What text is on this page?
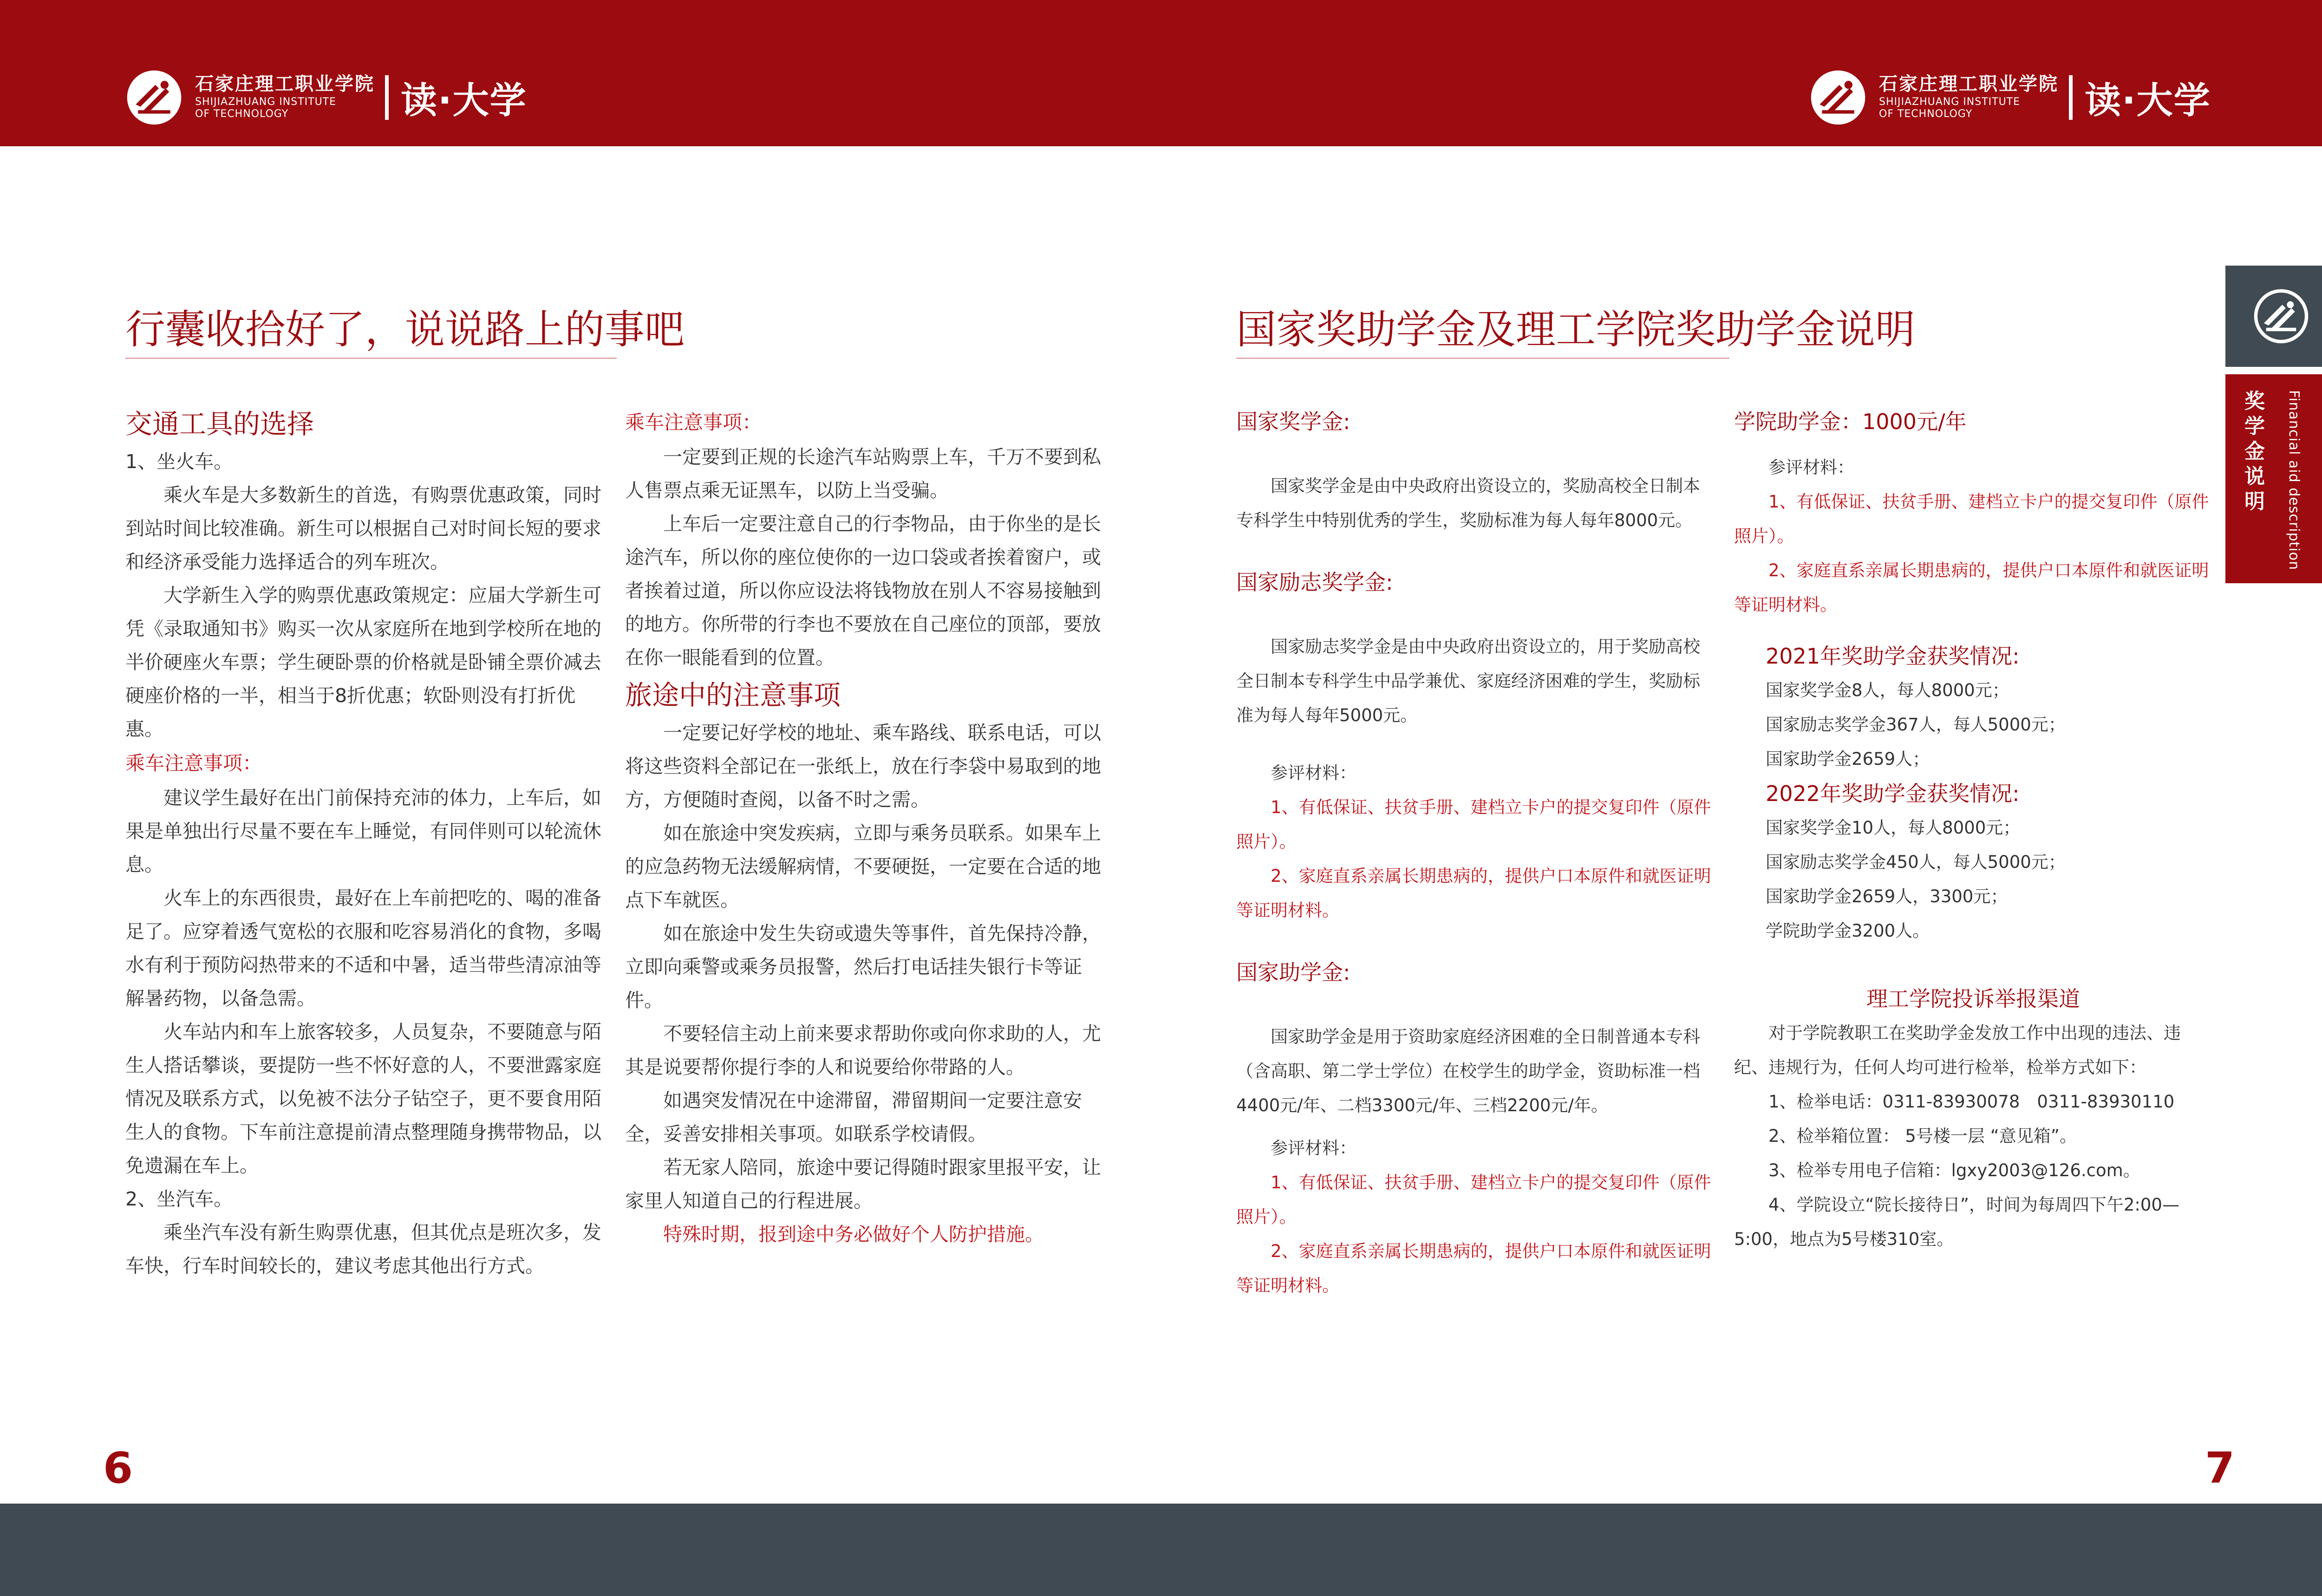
石家庄理工职业学院
SHIJIAZHUANG INSTITUTE
OF TECHNOLOGY	读·大学	石家庄理工职业学院
SHIJIAZHUANG INSTITUTE
OF TECHNOLOGY	读·大学
行囊收拾好了，说说路上的事吧

交通工具的选择

1、坐火车。

乘火车是大多数新生的首选，有购票优惠政策，同时到站时间比较准确。新生可以根据自己对时间长短的要求和经济承受能力选择适合的列车班次。

大学新生入学的购票优惠政策规定：应届大学新生可凭《录取通知书》购买一次从家庭所在地到学校所在地的半价硬座火车票；学生硬卧票的价格就是卧铺全票价减去硬座价格的一半，相当于8折优惠；软卧则没有打折优惠。

乘车注意事项：

建议学生最好在出门前保持充沛的体力，上车后，如果是单独出行尽量不要在车上睡觉，有同伴则可以轮流休息。

火车上的东西很贵，最好在上车前把吃的、喝的准备足了。应穿着透气宽松的衣服和吃容易消化的食物，多喝水有利于预防闷热带来的不适和中暑，适当带些清凉油等解暑药物，以备急需。

火车站内和车上旅客较多，人员复杂，不要随意与陌生人搭话攀谈，要提防一些不怀好意的人，不要泄露家庭情况及联系方式，以免被不法分子钻空子，更不要食用陌生人的食物。下车前注意提前清点整理随身携带物品，以免遗漏在车上。

2、坐汽车。

乘坐汽车没有新生购票优惠，但其优点是班次多，发车快，行车时间较长的，建议考虑其他出行方式。

乘车注意事项：

一定要到正规的长途汽车站购票上车，千万不要到私人售票点乘无证黑车，以防上当受骗。

上车后一定要注意自己的行李物品，由于你坐的是长途汽车，所以你的座位使你的一边口袋或者挨着窗户，或者挨着过道，所以你应设法将钱物放在别人不容易接触到的地方。你所带的行李也不要放在自己座位的顶部，要放在你一眼能看到的位置。

旅途中的注意事项

一定要记好学校的地址、乘车路线、联系电话，可以将这些资料全部记在一张纸上，放在行李袋中易取到的地方，方便随时查阅，以备不时之需。

如在旅途中突发疾病，立即与乘务员联系。如果车上的应急药物无法缓解病情，不要硬挺，一定要在合适的地点下车就医。

如在旅途中发生失窃或遗失等事件，首先保持冷静，立即向乘警或乘务员报警，然后打电话挂失银行卡等证件。

不要轻信主动上前来要求帮助你或向你求助的人，尤其是说要帮你提行李的人和说要给你带路的人。

如遇突发情况在中途滞留，滞留期间一定要注意安全，妥善安排相关事项。如联系学校请假。

若无家人陪同，旅途中要记得随时跟家里报平安，让家里人知道自己的行程进展。

特殊时期，报到途中务必做好个人防护措施。

6
国家奖助学金及理工学院奖助学金说明

国家奖学金:

国家奖学金是由中央政府出资设立的，奖励高校全日制本专科学生中特别优秀的学生，奖励标准为每人每年8000元。

国家励志奖学金:

国家励志奖学金是由中央政府出资设立的，用于奖励高校全日制本专科学生中品学兼优、家庭经济困难的学生，奖励标准为每人每年5000元。

参评材料：

1、有低保证、扶贫手册、建档立卡户的提交复印件（原件照片）。

2、家庭直系亲属长期患病的，提供户口本原件和就医证明等证明材料。

国家助学金:

国家助学金是用于资助家庭经济困难的全日制普通本专科（含高职、第二学士学位）在校学生的助学金，资助标准一档4400元/年、二档3300元/年、三档2200元/年。

参评材料：

1、有低保证、扶贫手册、建档立卡户的提交复印件（原件照片）。

2、家庭直系亲属长期患病的，提供户口本原件和就医证明等证明材料。

学院助学金：1000元/年

参评材料：

1、有低保证、扶贫手册、建档立卡户的提交复印件（原件照片）。

2、家庭直系亲属长期患病的，提供户口本原件和就医证明等证明材料。

2021年奖助学金获奖情况:

国家奖学金8人，每人8000元；

国家励志奖学金367人，每人5000元；

国家助学金2659人；

2022年奖助学金获奖情况:

国家奖学金10人，每人8000元；

国家励志奖学金450人，每人5000元；

国家助学金2659人，3300元；

学院助学金3200人。

理工学院投诉举报渠道

对于学院教职工在奖助学金发放工作中出现的违法、违纪、违规行为，任何人均可进行检举，检举方式如下：

1、检举电话：0311-83930078　0311-83930110

2、检举箱位置： 5号楼一层 “意见箱”。

3、检举专用电子信箱：lgxy2003@126.com。

4、学院设立“院长接待日”，时间为每周四下午2:00—5:00，地点为5号楼310室。

7
奖学金说明 Financial aid description
